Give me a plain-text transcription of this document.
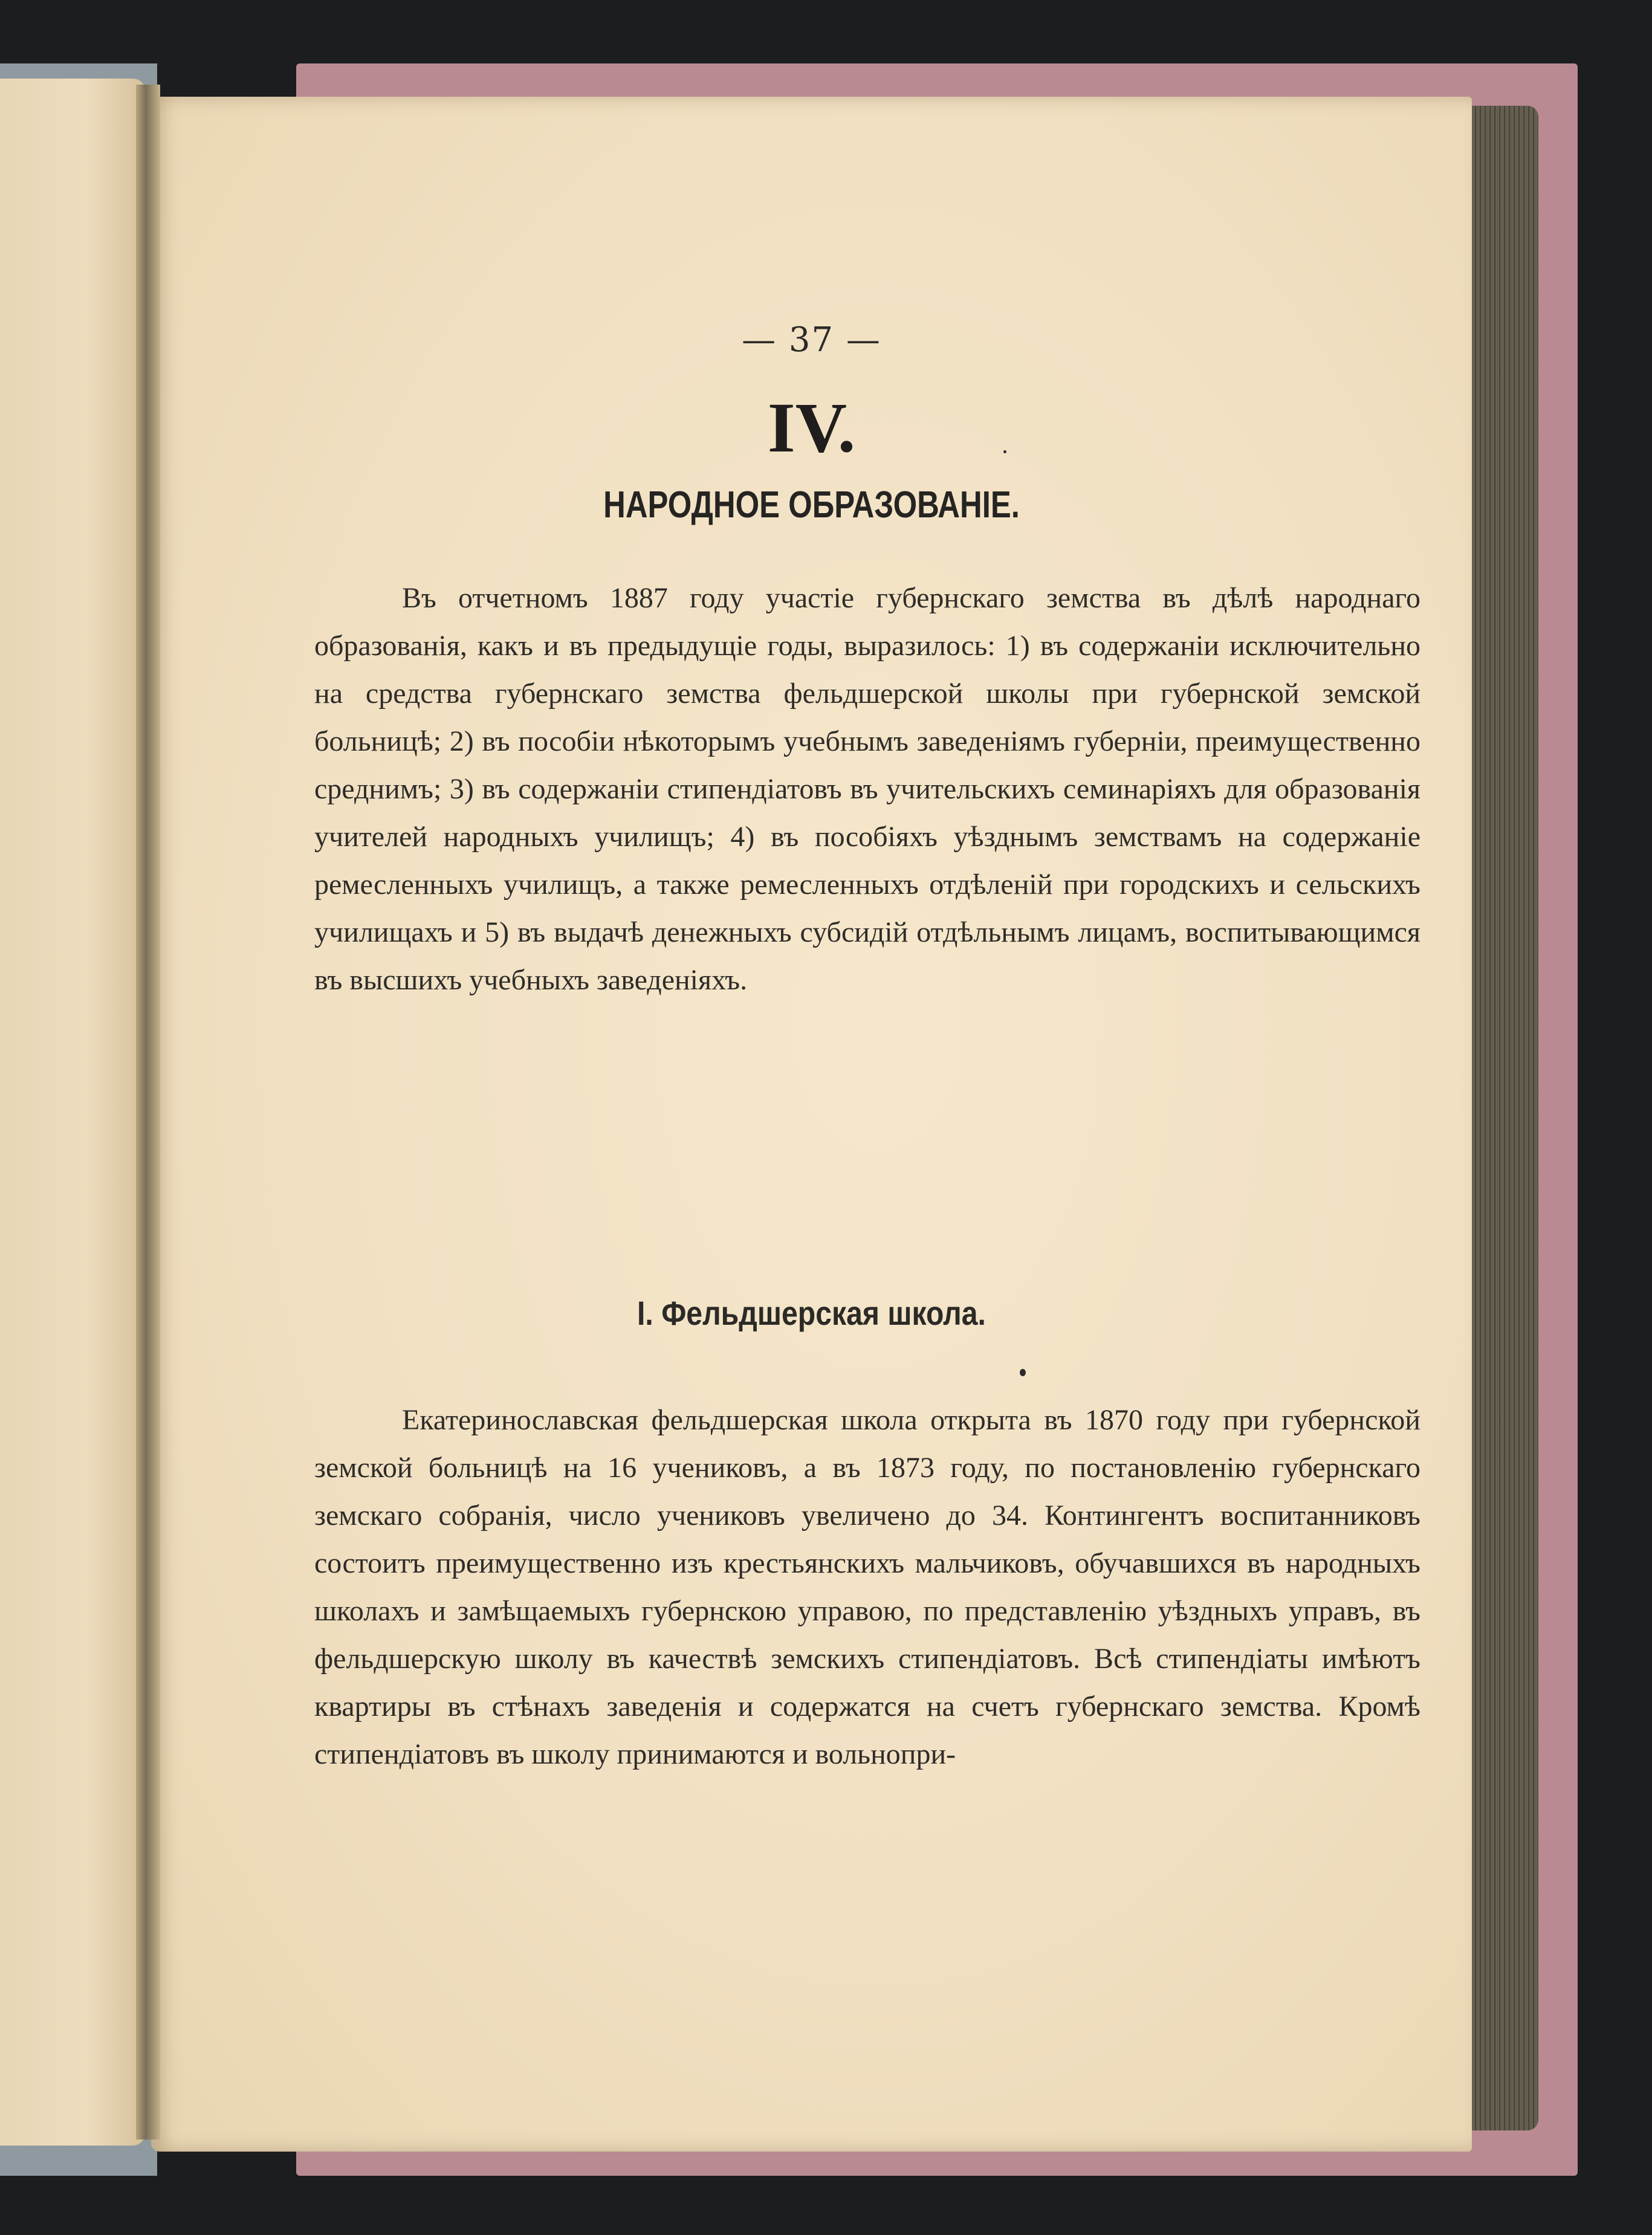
— 37 —
IV.
НАРОДНОЕ ОБРАЗОВАНІЕ.

Въ отчетномъ 1887 году участіе губернскаго земства въ дѣлѣ народнаго образованія, какъ и въ предыдущіе годы, выразилось: 1) въ содержаніи исключительно на средства губернскаго земства фельдшерской школы при губернской земской больницѣ; 2) въ пособіи нѣкоторымъ учебнымъ заведеніямъ губерніи, преимущественно среднимъ; 3) въ содержаніи стипендіатовъ въ учительскихъ семинаріяхъ для образованія учителей народныхъ училищъ; 4) въ пособіяхъ уѣзднымъ земствамъ на содержаніе ремесленныхъ училищъ, а также ремесленныхъ отдѣленій при городскихъ и сельскихъ училищахъ и 5) въ выдачѣ денежныхъ субсидій отдѣльнымъ лицамъ, воспитывающимся въ высшихъ учебныхъ заведеніяхъ.

I. Фельдшерская школа.

Екатеринославская фельдшерская школа открыта въ 1870 году при губернской земской больницѣ на 16 учениковъ, а въ 1873 году, по постановленію губернскаго земскаго собранія, число учениковъ увеличено до 34. Контингентъ воспитанниковъ состоитъ преимущественно изъ крестьянскихъ мальчиковъ, обучавшихся въ народныхъ школахъ и замѣщаемыхъ губернскою управою, по представленію уѣздныхъ управъ, въ фельдшерскую школу въ качествѣ земскихъ стипендіатовъ. Всѣ стипендіаты имѣютъ квартиры въ стѣнахъ заведенія и содержатся на счетъ губернскаго земства. Кромѣ стипендіатовъ въ школу принимаются и вольнопри-
